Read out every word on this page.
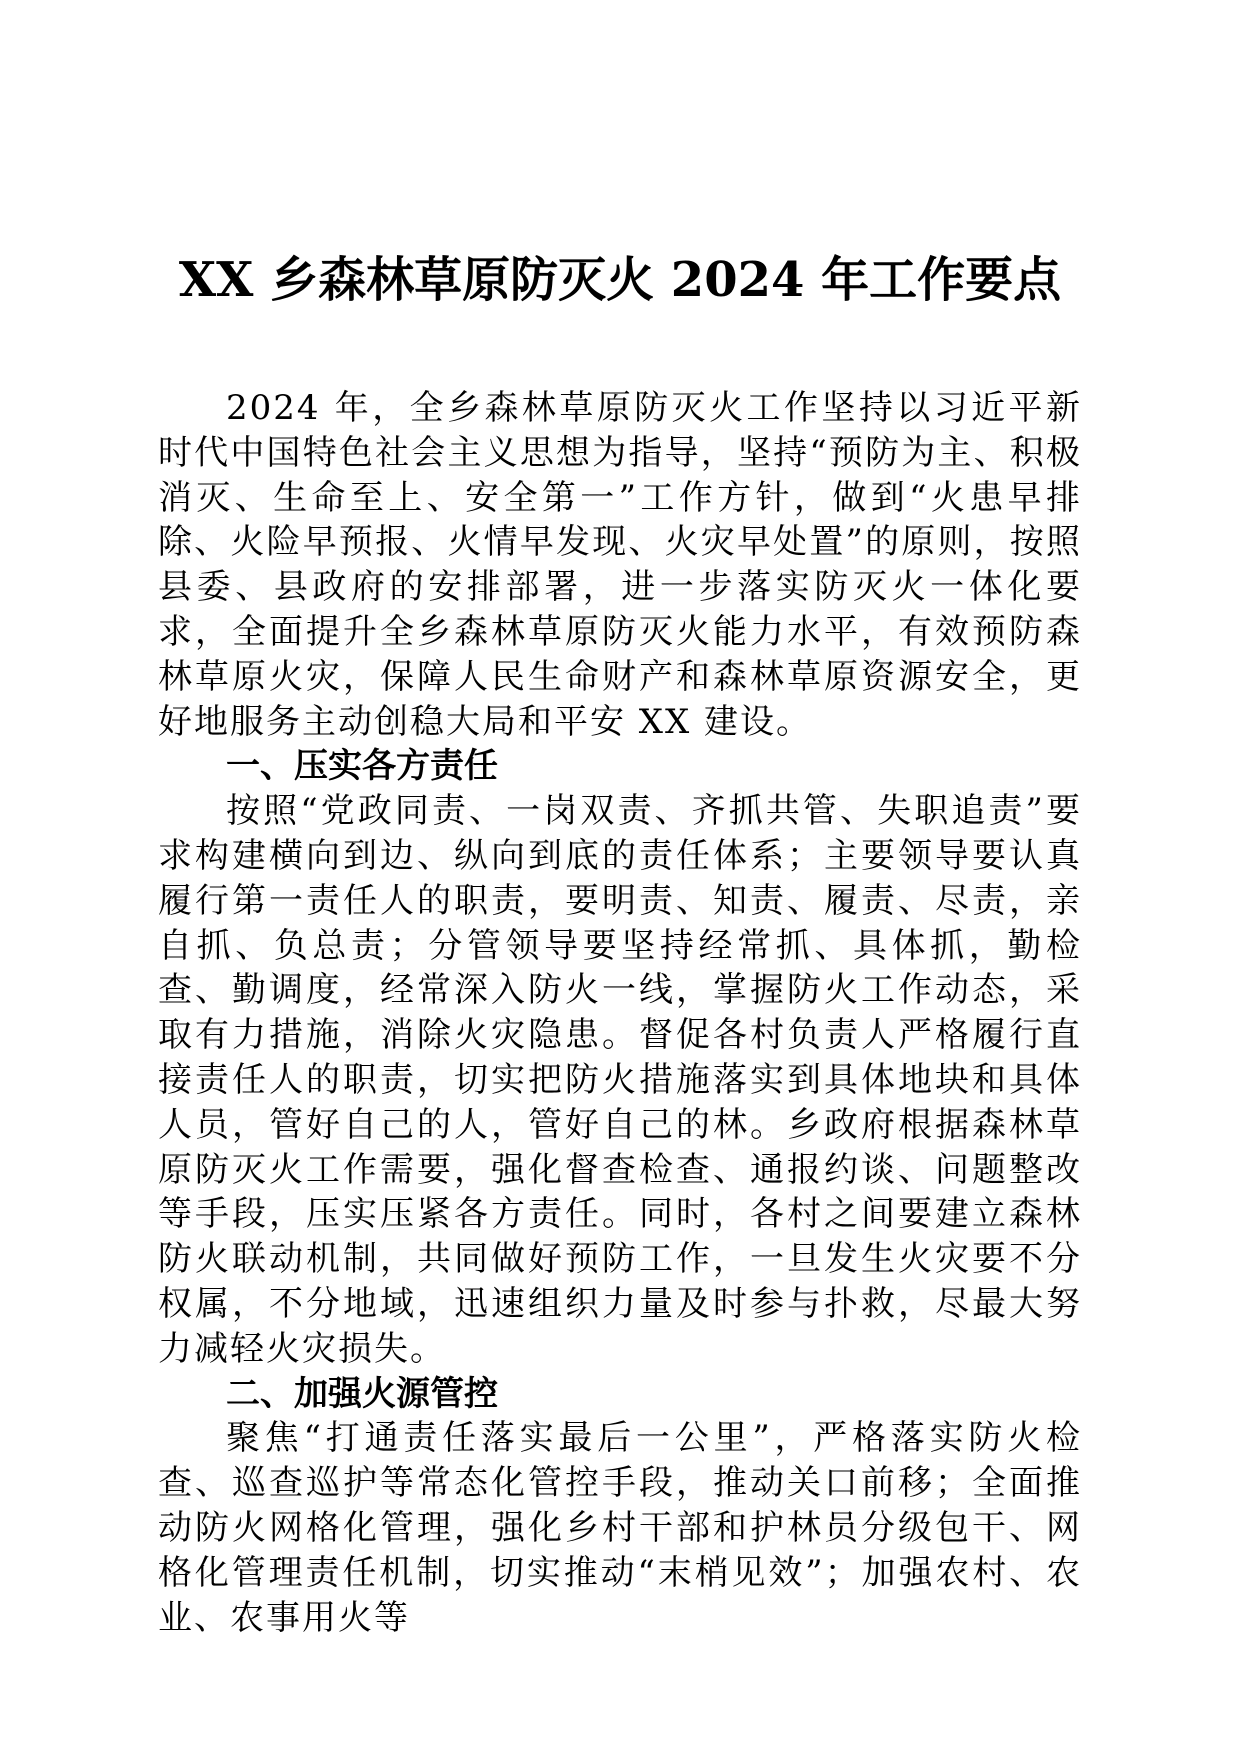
XX 乡森林草原防灭火 2024 年工作要点

2024 年，全乡森林草原防灭火工作坚持以习近平新时代中国特色社会主义思想为指导，坚持“预防为主、积极消灭、生命至上、安全第一”工作方针，做到“火患早排除、火险早预报、火情早发现、火灾早处置”的原则，按照县委、县政府的安排部署，进一步落实防灭火一体化要求，全面提升全乡森林草原防灭火能力水平，有效预防森林草原火灾，保障人民生命财产和森林草原资源安全，更好地服务主动创稳大局和平安 XX 建设。

一、压实各方责任

按照“党政同责、一岗双责、齐抓共管、失职追责”要求构建横向到边、纵向到底的责任体系；主要领导要认真履行第一责任人的职责，要明责、知责、履责、尽责，亲自抓、负总责；分管领导要坚持经常抓、具体抓，勤检查、勤调度，经常深入防火一线，掌握防火工作动态，采取有力措施，消除火灾隐患。督促各村负责人严格履行直接责任人的职责，切实把防火措施落实到具体地块和具体人员，管好自己的人，管好自己的林。乡政府根据森林草原防灭火工作需要，强化督查检查、通报约谈、问题整改等手段，压实压紧各方责任。同时，各村之间要建立森林防火联动机制，共同做好预防工作，一旦发生火灾要不分权属，不分地域，迅速组织力量及时参与扑救，尽最大努力减轻火灾损失。

二、加强火源管控

聚焦“打通责任落实最后一公里”，严格落实防火检查、巡查巡护等常态化管控手段，推动关口前移；全面推动防火网格化管理，强化乡村干部和护林员分级包干、网格化管理责任机制，切实推动“末梢见效”；加强农村、农业、农事用火等
